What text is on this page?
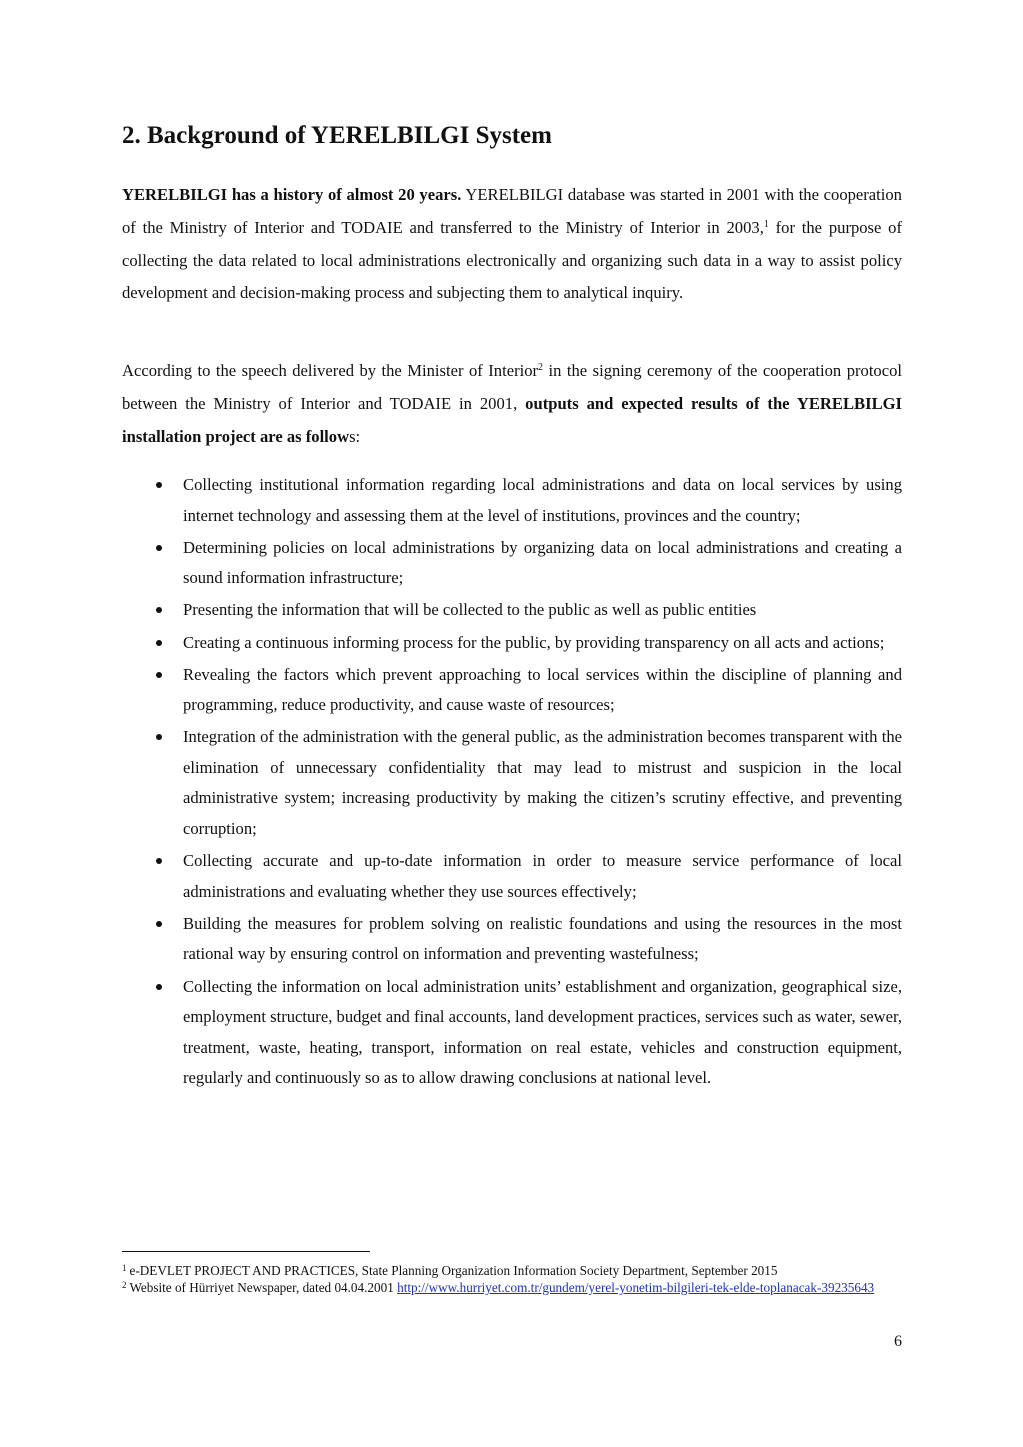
2. Background of YERELBILGI System

YERELBILGI has a history of almost 20 years. YERELBILGI database was started in 2001 with the cooperation of the Ministry of Interior and TODAIE and transferred to the Ministry of Interior in 2003,$^1$ for the purpose of collecting the data related to local administrations electronically and organizing such data in a way to assist policy development and decision-making process and subjecting them to analytical inquiry.

According to the speech delivered by the Minister of Interior$^2$ in the signing ceremony of the cooperation protocol between the Ministry of Interior and TODAIE in 2001, outputs and expected results of the YERELBILGI installation project are as follows:

Collecting institutional information regarding local administrations and data on local services by using internet technology and assessing them at the level of institutions, provinces and the country;
Determining policies on local administrations by organizing data on local administrations and creating a sound information infrastructure;
Presenting the information that will be collected to the public as well as public entities
Creating a continuous informing process for the public, by providing transparency on all acts and actions;
Revealing the factors which prevent approaching to local services within the discipline of planning and programming, reduce productivity, and cause waste of resources;
Integration of the administration with the general public, as the administration becomes transparent with the elimination of unnecessary confidentiality that may lead to mistrust and suspicion in the local administrative system; increasing productivity by making the citizen’s scrutiny effective, and preventing corruption;
Collecting accurate and up-to-date information in order to measure service performance of local administrations and evaluating whether they use sources effectively;
Building the measures for problem solving on realistic foundations and using the resources in the most rational way by ensuring control on information and preventing wastefulness;
Collecting the information on local administration units’ establishment and organization, geographical size, employment structure, budget and final accounts, land development practices, services such as water, sewer, treatment, waste, heating, transport, information on real estate, vehicles and construction equipment, regularly and continuously so as to allow drawing conclusions at national level.

$^1$ e-DEVLET PROJECT AND PRACTICES, State Planning Organization Information Society Department, September 2015

$^2$ Website of Hürriyet Newspaper, dated 04.04.2001 http://www.hurriyet.com.tr/gundem/yerel-yonetim-bilgileri-tek-elde-toplanacak-39235643

6
